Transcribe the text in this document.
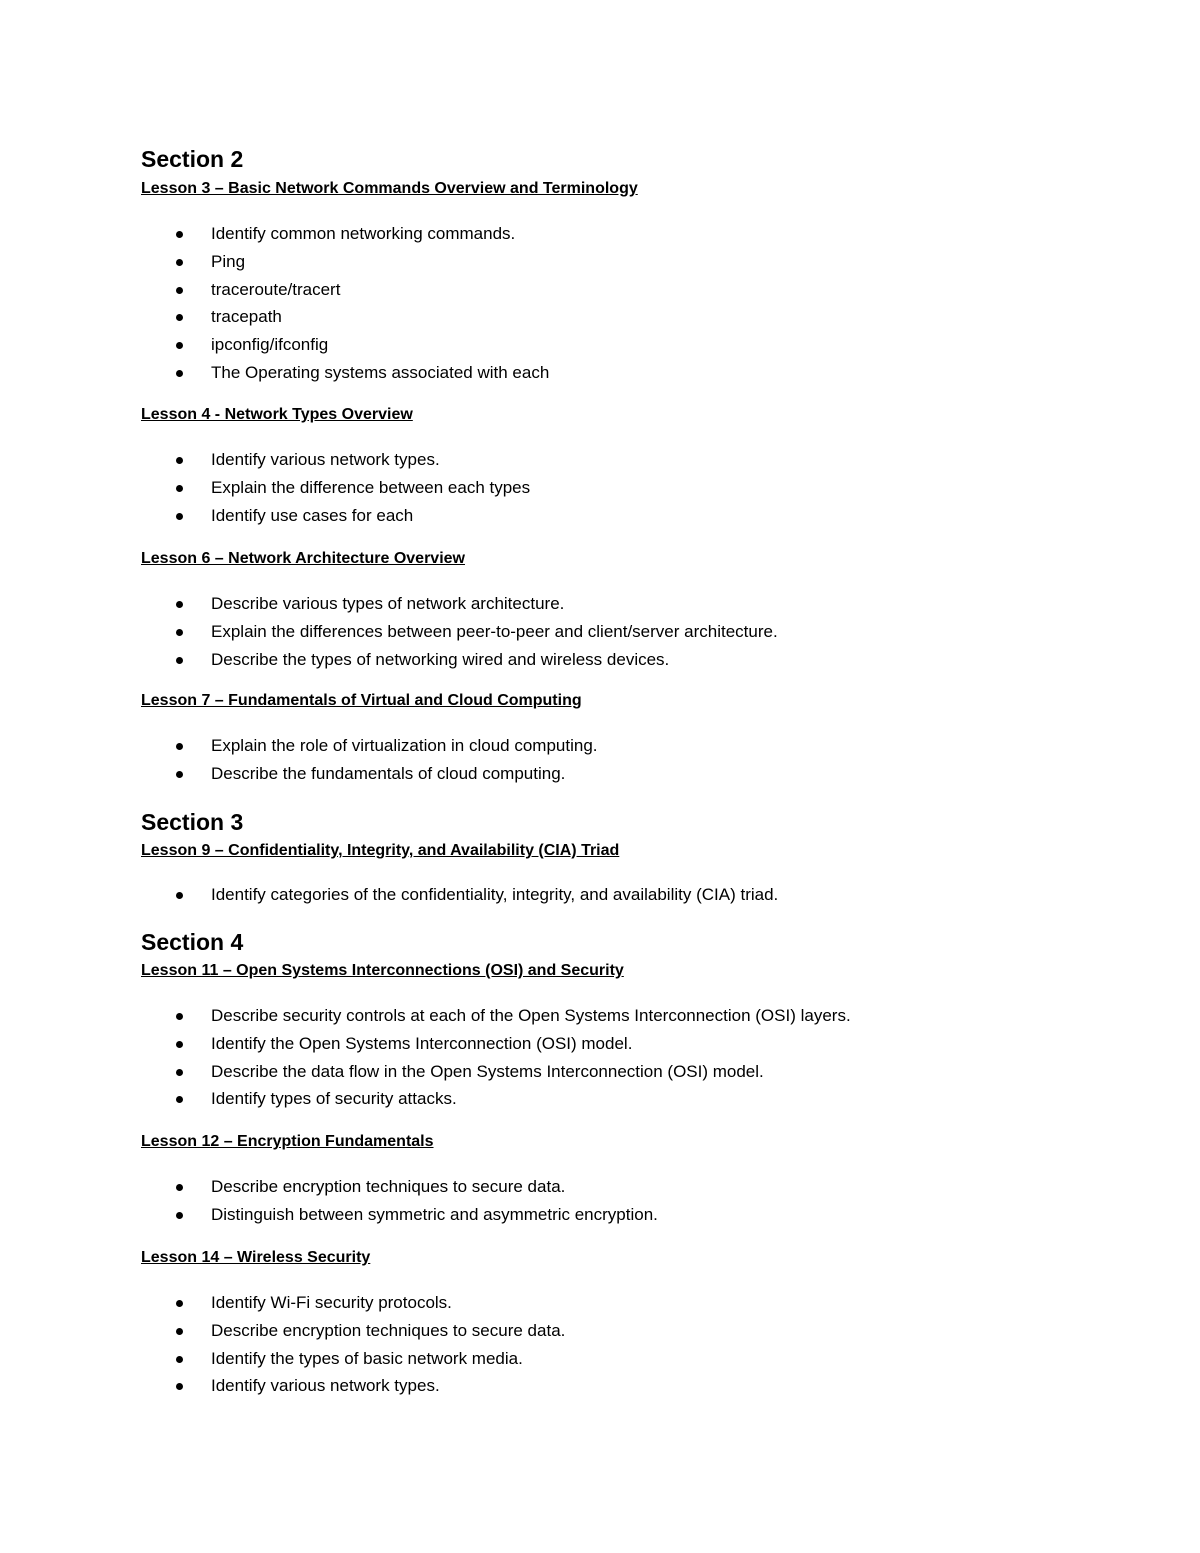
Section 2
Lesson 3 – Basic Network Commands Overview and Terminology
Identify common networking commands.
Ping
traceroute/tracert
tracepath
ipconfig/ifconfig
The Operating systems associated with each
Lesson 4 - Network Types Overview
Identify various network types.
Explain the difference between each types
Identify use cases for each
Lesson 6 – Network Architecture Overview
Describe various types of network architecture.
Explain the differences between peer-to-peer and client/server architecture.
Describe the types of networking wired and wireless devices.
Lesson 7 – Fundamentals of Virtual and Cloud Computing
Explain the role of virtualization in cloud computing.
Describe the fundamentals of cloud computing.
Section 3
Lesson 9 – Confidentiality, Integrity, and Availability (CIA) Triad
Identify categories of the confidentiality, integrity, and availability (CIA) triad.
Section 4
Lesson 11 – Open Systems Interconnections (OSI) and Security
Describe security controls at each of the Open Systems Interconnection (OSI) layers.
Identify the Open Systems Interconnection (OSI) model.
Describe the data flow in the Open Systems Interconnection (OSI) model.
Identify types of security attacks.
Lesson 12 – Encryption Fundamentals
Describe encryption techniques to secure data.
Distinguish between symmetric and asymmetric encryption.
Lesson 14 – Wireless Security
Identify Wi-Fi security protocols.
Describe encryption techniques to secure data.
Identify the types of basic network media.
Identify various network types.
